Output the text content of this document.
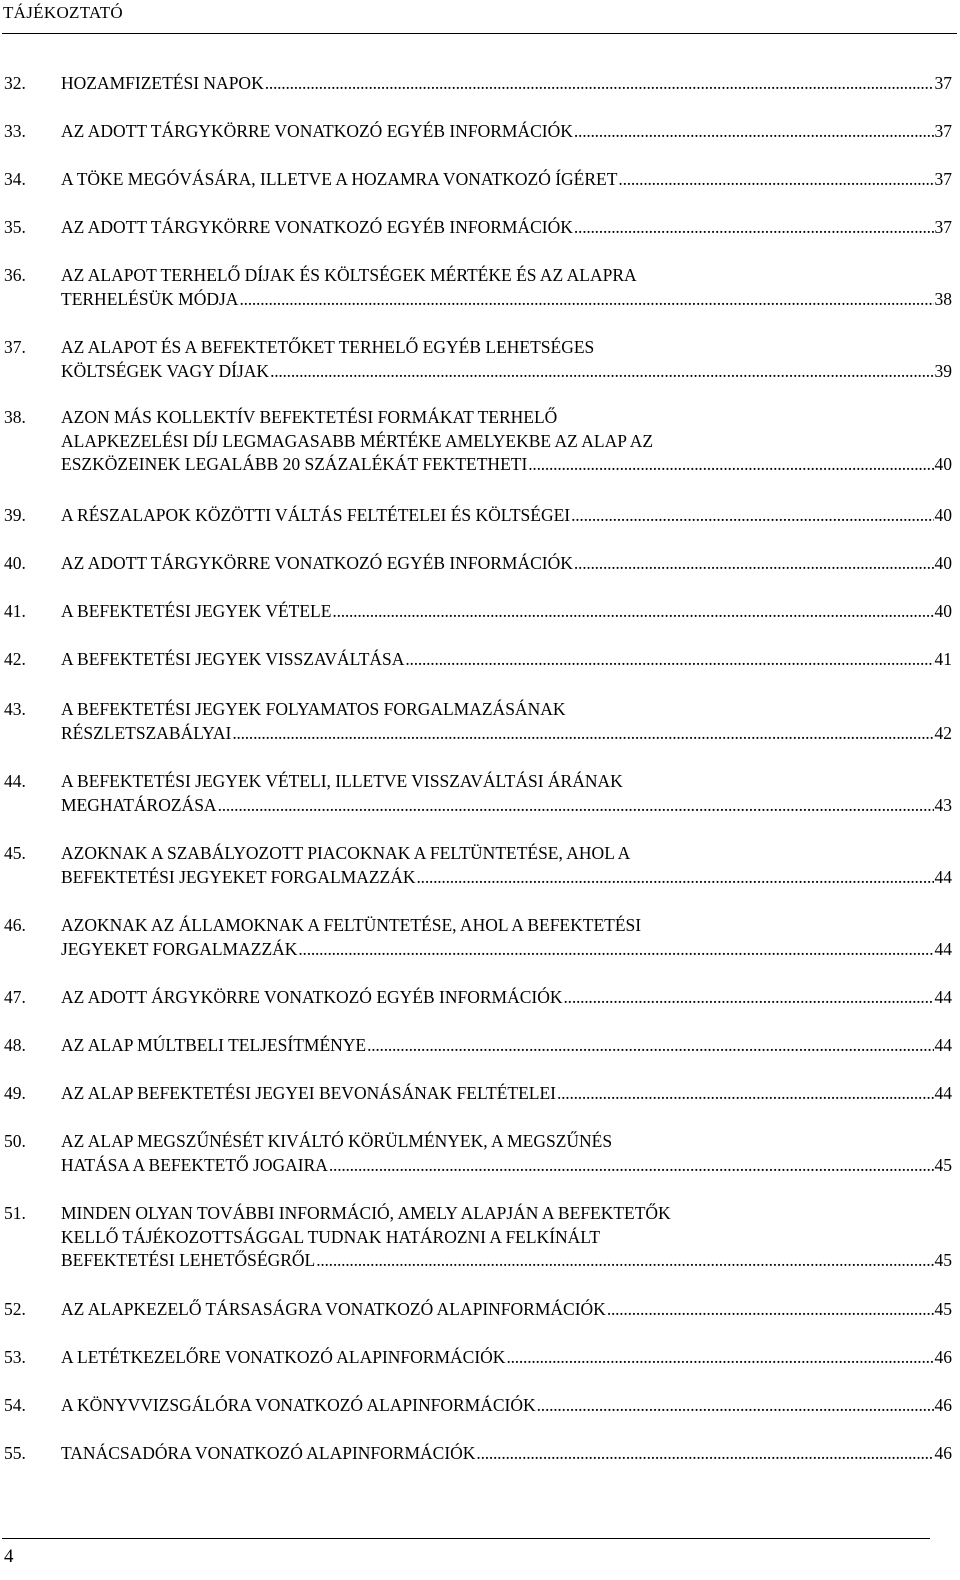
TÁJÉKOZTATÓ
32.	HOZAMFIZETÉSI NAPOK . . .	37
33.	AZ ADOTT TÁRGYKÖRRE VONATKOZÓ EGYÉB INFORMÁCIÓK . . .	37
34.	A TÖKE MEGÓVÁSÁRA, ILLETVE A HOZAMRA VONATKOZÓ ÍGÉRET . . .	37
35.	AZ ADOTT TÁRGYKÖRRE VONATKOZÓ EGYÉB INFORMÁCIÓK . . .	37
36.	AZ ALAPOT TERHELŐ DÍJAK ÉS KÖLTSÉGEK MÉRTÉKE ÉS AZ ALAPRA
TERHELÉSÜK MÓDJA . . .	38
37.	AZ ALAPOT ÉS A BEFEKTETŐKET TERHELŐ EGYÉB LEHETSÉGES
KÖLTSÉGEK VAGY DÍJAK . . .	39
38.	AZON MÁS KOLLEKTÍV BEFEKTETÉSI FORMÁKAT TERHELŐ
ALAPKEZELÉSI DÍJ LEGMAGASABB MÉRTÉKE AMELYEKBE AZ ALAP AZ
ESZKÖZEINEK LEGALÁBB 20 SZÁZALÉKÁT FEKTETHETI . . .	40
39.	A RÉSZALAPOK KÖZÖTTI VÁLTÁS FELTÉTELEI ÉS KÖLTSÉGEI . . .	40
40.	AZ ADOTT TÁRGYKÖRRE VONATKOZÓ EGYÉB INFORMÁCIÓK . . .	40
41.	A BEFEKTETÉSI JEGYEK VÉTELE . . .	40
42.	A BEFEKTETÉSI JEGYEK VISSZAVÁLTÁSA . . .	41
43.	A BEFEKTETÉSI JEGYEK FOLYAMATOS FORGALMAZÁSÁNAK
RÉSZLETSZABÁLYAI . . .	42
44.	A BEFEKTETÉSI JEGYEK VÉTELI, ILLETVE VISSZAVÁLTÁSI ÁRÁNAK
MEGHATÁROZÁSA . . .	43
45.	AZOKNAK A SZABÁLYOZOTT PIACOKNAK A FELTÜNTETÉSE, AHOL A
BEFEKTETÉSI JEGYEKET FORGALMAZZÁK . . .	44
46.	AZOKNAK AZ ÁLLAMOKNAK A FELTÜNTETÉSE, AHOL A BEFEKTETÉSI
JEGYEKET FORGALMAZZÁK . . .	44
47.	AZ ADOTT ÁRGYKÖRRE VONATKOZÓ EGYÉB INFORMÁCIÓK . . .	44
48.	AZ ALAP MÚLTBELI TELJESÍTMÉNYE . . .	44
49.	AZ ALAP BEFEKTETÉSI JEGYEI BEVONÁSÁNAK FELTÉTELEI . . .	44
50.	AZ ALAP MEGSZŰNÉSÉT KIVÁLTÓ KÖRÜLMÉNYEK, A MEGSZŰNÉS
HATÁSA A BEFEKTETŐ JOGAIRA . . .	45
51.	MINDEN OLYAN TOVÁBBI INFORMÁCIÓ, AMELY ALAPJÁN A BEFEKTETŐK
KELLŐ TÁJÉKOZOTTSÁGGAL TUDNAK HATÁROZNI A FELKÍNÁLT
BEFEKTETÉSI LEHETŐSÉGRŐL . . .	45
52.	AZ ALAPKEZELŐ TÁRSASÁGRA VONATKOZÓ ALAPINFORMÁCIÓK . . .	45
53.	A LETÉTKEZELŐRE VONATKOZÓ ALAPINFORMÁCIÓK . . .	46
54.	A KÖNYVVIZSGÁLÓRA VONATKOZÓ ALAPINFORMÁCIÓK . . .	46
55.	TANÁCSADÓRA VONATKOZÓ ALAPINFORMÁCIÓK . . .	46
4
